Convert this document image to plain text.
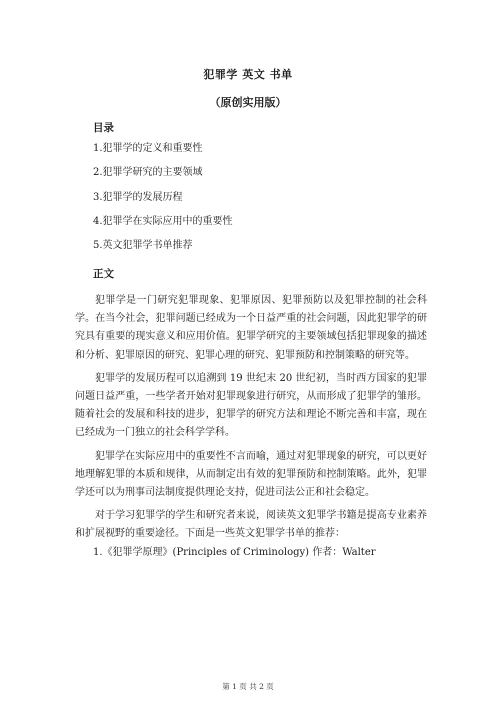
犯罪学 英文 书单
（原创实用版）
目录
1.犯罪学的定义和重要性
2.犯罪学研究的主要领域
3.犯罪学的发展历程
4.犯罪学在实际应用中的重要性
5.英文犯罪学书单推荐
正文

犯罪学是一门研究犯罪现象、犯罪原因、犯罪预防以及犯罪控制的社会科学。在当今社会，犯罪问题已经成为一个日益严重的社会问题，因此犯罪学的研究具有重要的现实意义和应用价值。犯罪学研究的主要领域包括犯罪现象的描述和分析、犯罪原因的研究、犯罪心理的研究、犯罪预防和控制策略的研究等。

犯罪学的发展历程可以追溯到 19 世纪末 20 世纪初，当时西方国家的犯罪问题日益严重，一些学者开始对犯罪现象进行研究，从而形成了犯罪学的雏形。随着社会的发展和科技的进步，犯罪学的研究方法和理论不断完善和丰富，现在已经成为一门独立的社会科学学科。

犯罪学在实际应用中的重要性不言而喻，通过对犯罪现象的研究，可以更好地理解犯罪的本质和规律，从而制定出有效的犯罪预防和控制策略。此外，犯罪学还可以为刑事司法制度提供理论支持，促进司法公正和社会稳定。

对于学习犯罪学的学生和研究者来说，阅读英文犯罪学书籍是提高专业素养和扩展视野的重要途径。下面是一些英文犯罪学书单的推荐：

1.《犯罪学原理》(Principles of Criminology) 作者：Walter

第 1 页 共 2 页
